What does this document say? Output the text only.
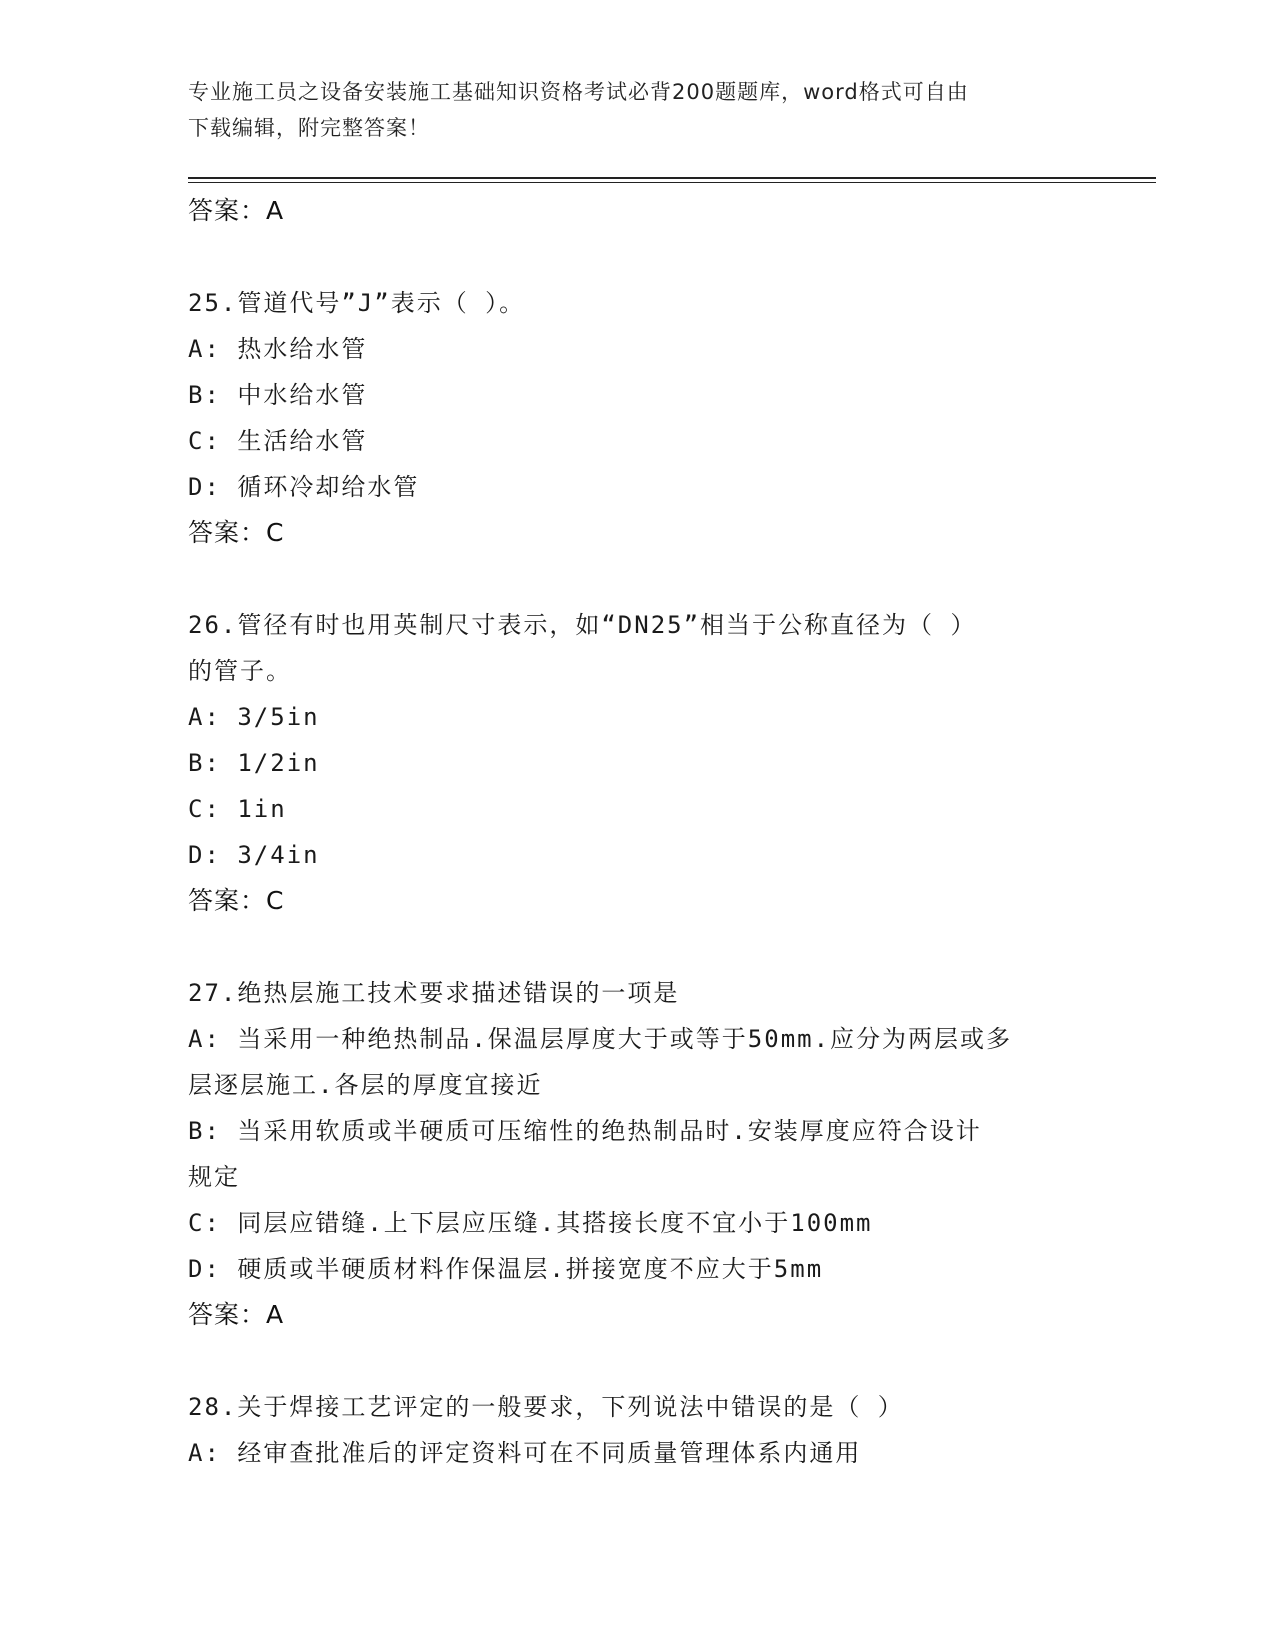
专业施工员之设备安装施工基础知识资格考试必背200题题库，word格式可自由
下载编辑，附完整答案！
答案：A
25.管道代号”J”表示（ ）。
A: 热水给水管
B: 中水给水管
C: 生活给水管
D: 循环冷却给水管
答案：C
26.管径有时也用英制尺寸表示，如“DN25”相当于公称直径为（ ）
的管子。
A: 3/5in
B: 1/2in
C: 1in
D: 3/4in
答案：C
27.绝热层施工技术要求描述错误的一项是
A: 当采用一种绝热制品.保温层厚度大于或等于50mm.应分为两层或多
层逐层施工.各层的厚度宜接近
B: 当采用软质或半硬质可压缩性的绝热制品时.安装厚度应符合设计
规定
C: 同层应错缝.上下层应压缝.其搭接长度不宜小于100mm
D: 硬质或半硬质材料作保温层.拼接宽度不应大于5mm
答案：A
28.关于焊接工艺评定的一般要求，下列说法中错误的是（ ）
A: 经审查批准后的评定资料可在不同质量管理体系内通用
